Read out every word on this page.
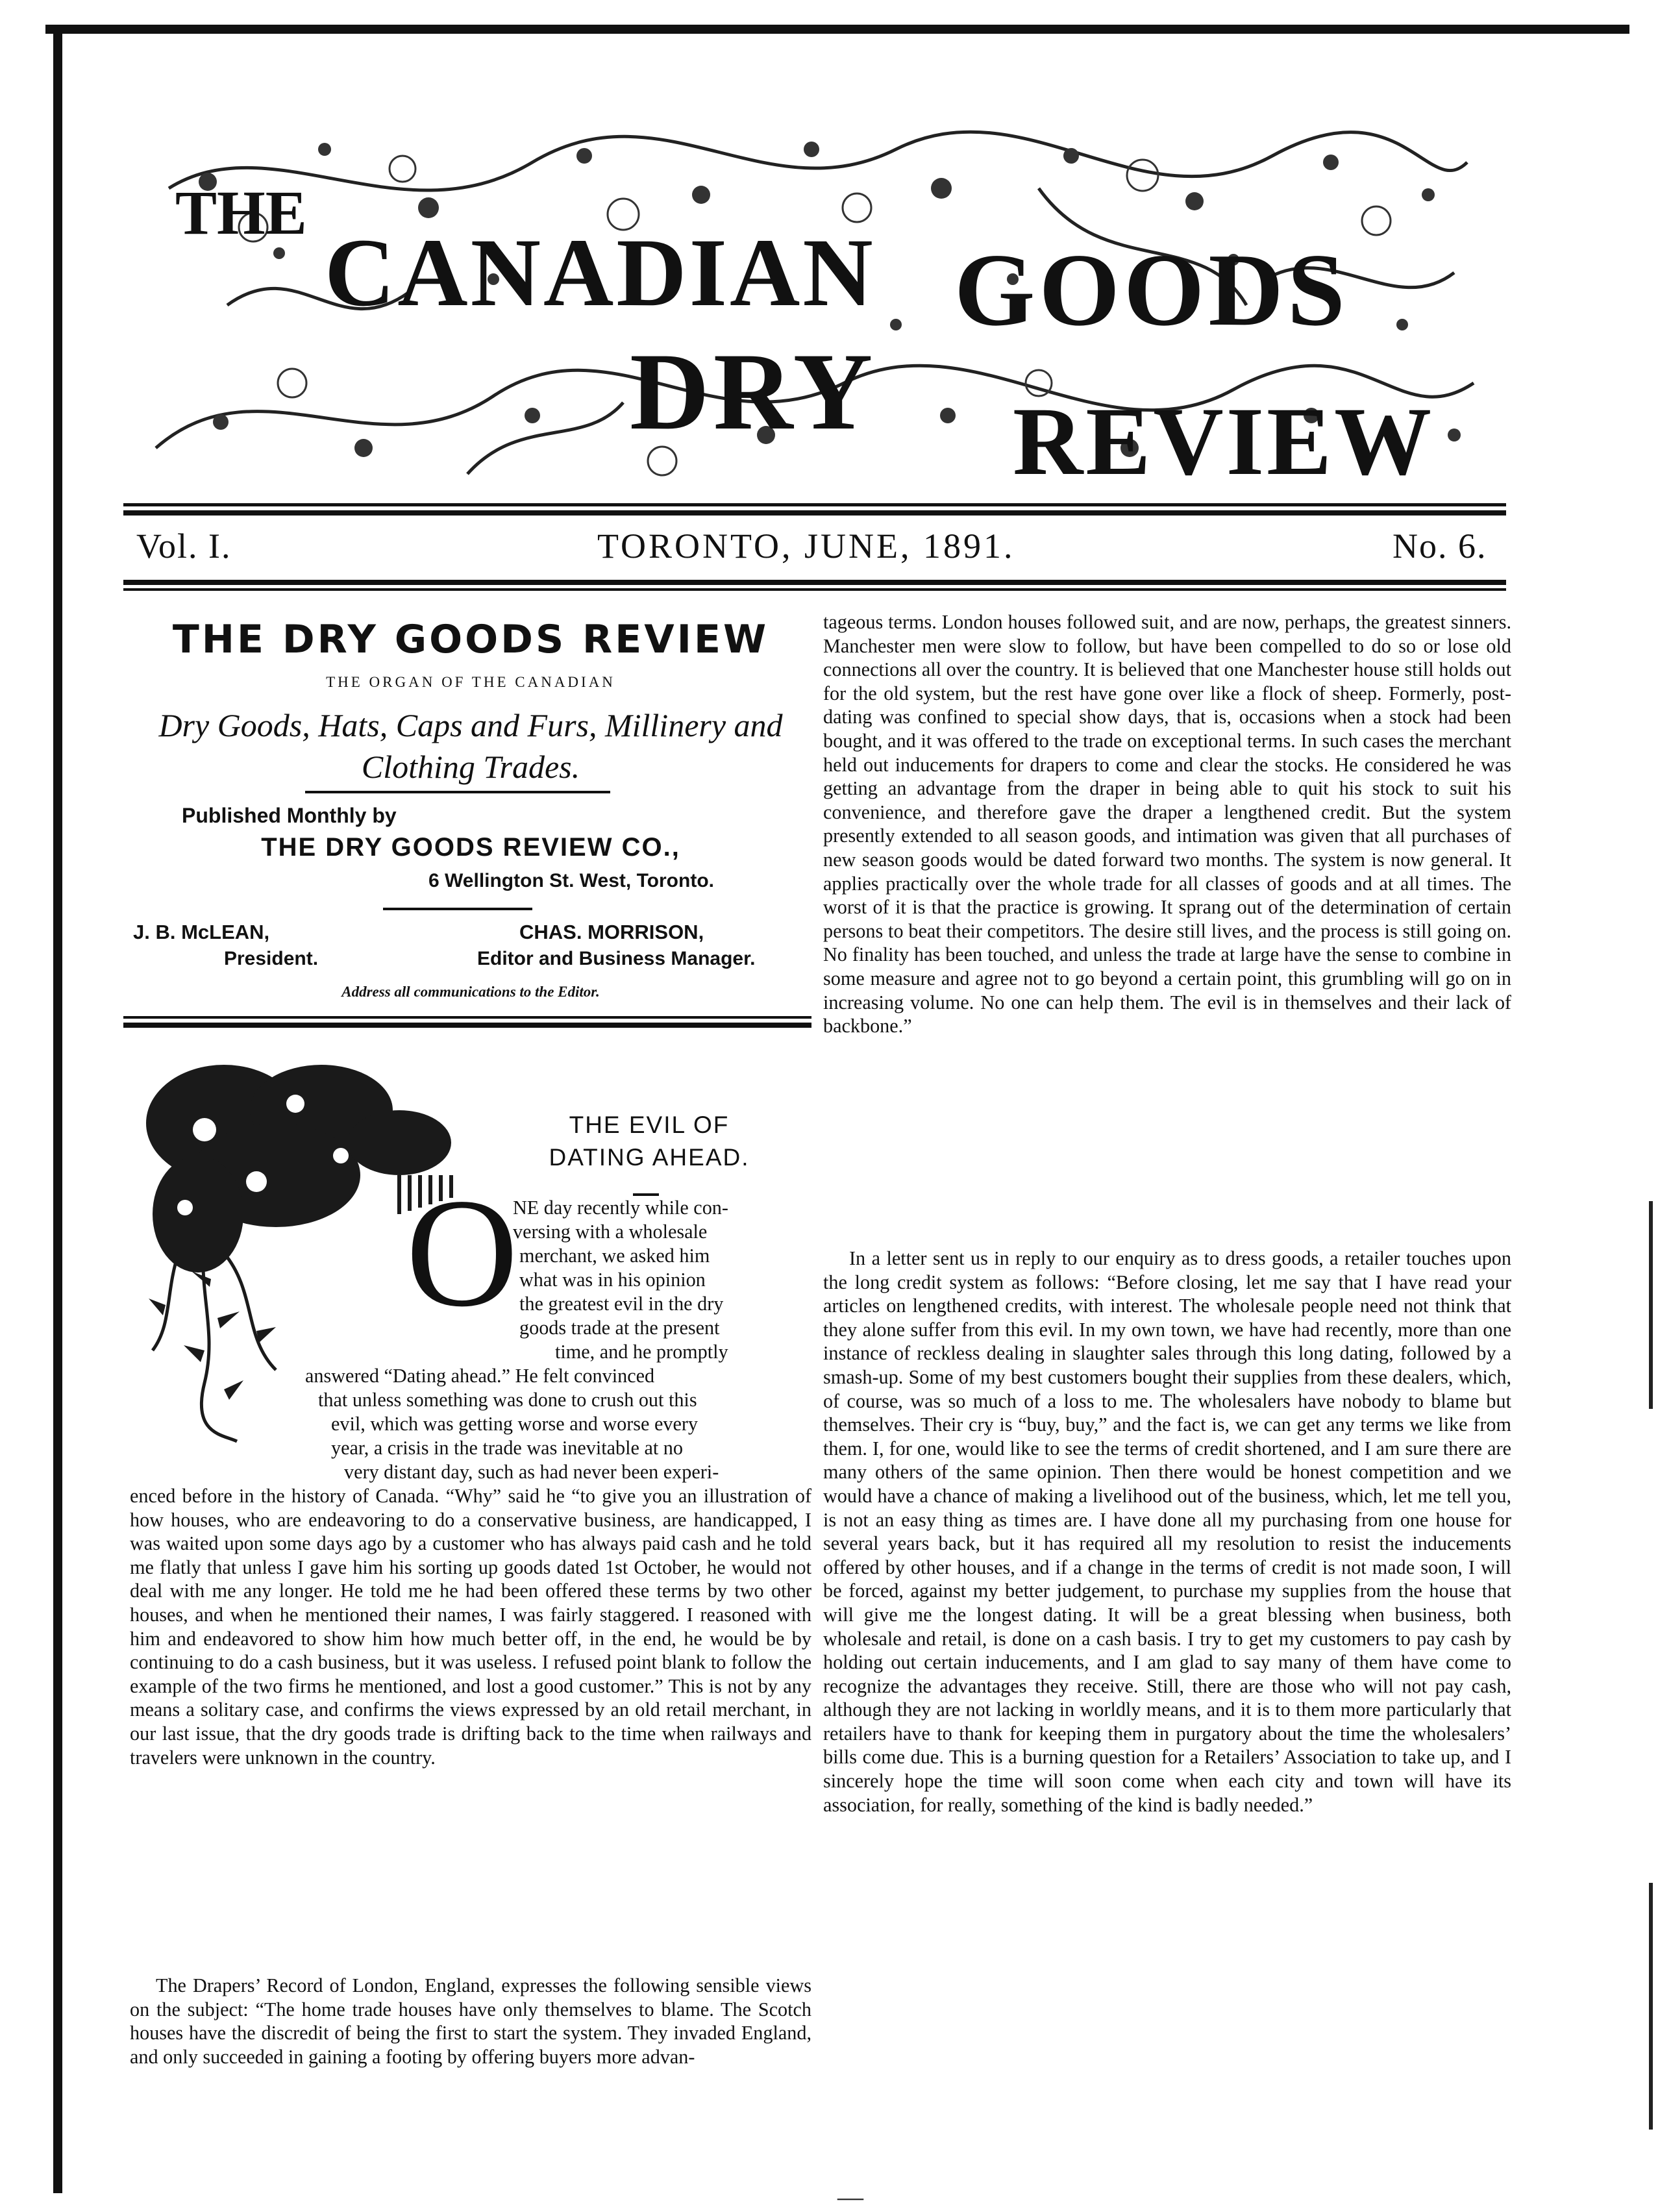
THE
CANADIAN GOODS
DRY REVIEW
Vol. I.	TORONTO, JUNE, 1891.	No. 6.
THE DRY GOODS REVIEW
THE ORGAN OF THE CANADIAN
Dry Goods, Hats, Caps and Furs, Millinery and Clothing Trades.
Published Monthly by
THE DRY GOODS REVIEW CO.,
6 Wellington St. West, Toronto.
J. B. McLEAN,
President.
CHAS. MORRISON,
Editor and Business Manager.
Address all communications to the Editor.
THE EVIL OF
DATING AHEAD.
O
NE day recently while con-
versing with a wholesale
merchant, we asked him
what was in his opinion
the greatest evil in the dry
goods trade at the present
time, and he promptly
answered “Dating ahead.” He felt convinced
that unless something was done to crush out this
evil, which was getting worse and worse every
year, a crisis in the trade was inevitable at no
very distant day, such as had never been experi-

enced before in the history of Canada. “Why” said he “to give you an illustration of how houses, who are endeavoring to do a conservative business, are handicapped, I was waited upon some days ago by a customer who has always paid cash and he told me flatly that unless I gave him his sorting up goods dated 1st October, he would not deal with me any longer. He told me he had been offered these terms by two other houses, and when he mentioned their names, I was fairly staggered. I reasoned with him and endeavored to show him how much better off, in the end, he would be by continuing to do a cash business, but it was useless. I refused point blank to follow the example of the two firms he mentioned, and lost a good customer.” This is not by any means a solitary case, and confirms the views expressed by an old retail merchant, in our last issue, that the dry goods trade is drifting back to the time when railways and travelers were unknown in the country.

The Drapers’ Record of London, England, expresses the following sensible views on the subject: “The home trade houses have only themselves to blame. The Scotch houses have the discredit of being the first to start the system. They invaded England, and only succeeded in gaining a footing by offering buyers more advan-

tageous terms. London houses followed suit, and are now, perhaps, the greatest sinners. Manchester men were slow to follow, but have been compelled to do so or lose old connections all over the country. It is believed that one Manchester house still holds out for the old system, but the rest have gone over like a flock of sheep. Formerly, post-dating was confined to special show days, that is, occasions when a stock had been bought, and it was offered to the trade on exceptional terms. In such cases the merchant held out inducements for drapers to come and clear the stocks. He considered he was getting an advantage from the draper in being able to quit his stock to suit his convenience, and therefore gave the draper a lengthened credit. But the system presently extended to all season goods, and intimation was given that all purchases of new season goods would be dated forward two months. The system is now general. It applies practically over the whole trade for all classes of goods and at all times. The worst of it is that the practice is growing. It sprang out of the determination of certain persons to beat their competitors. The desire still lives, and the process is still going on. No finality has been touched, and unless the trade at large have the sense to combine in some measure and agree not to go beyond a certain point, this grumbling will go on in increasing volume. No one can help them. The evil is in themselves and their lack of backbone.”

In a letter sent us in reply to our enquiry as to dress goods, a retailer touches upon the long credit system as follows: “Before closing, let me say that I have read your articles on lengthened credits, with interest. The wholesale people need not think that they alone suffer from this evil. In my own town, we have had recently, more than one instance of reckless dealing in slaughter sales through this long dating, followed by a smash-up. Some of my best customers bought their supplies from these dealers, which, of course, was so much of a loss to me. The wholesalers have nobody to blame but themselves. Their cry is “buy, buy,” and the fact is, we can get any terms we like from them. I, for one, would like to see the terms of credit shortened, and I am sure there are many others of the same opinion. Then there would be honest competition and we would have a chance of making a livelihood out of the business, which, let me tell you, is not an easy thing as times are. I have done all my purchasing from one house for several years back, but it has required all my resolution to resist the inducements offered by other houses, and if a change in the terms of credit is not made soon, I will be forced, against my better judgement, to purchase my supplies from the house that will give me the longest dating. It will be a great blessing when business, both wholesale and retail, is done on a cash basis. I try to get my customers to pay cash by holding out certain inducements, and I am glad to say many of them have come to recognize the advantages they receive. Still, there are those who will not pay cash, although they are not lacking in worldly means, and it is to them more particularly that retailers have to thank for keeping them in purgatory about the time the wholesalers’ bills come due. This is a burning question for a Retailers’ Association to take up, and I sincerely hope the time will soon come when each city and town will have its association, for really, something of the kind is badly needed.”

—
